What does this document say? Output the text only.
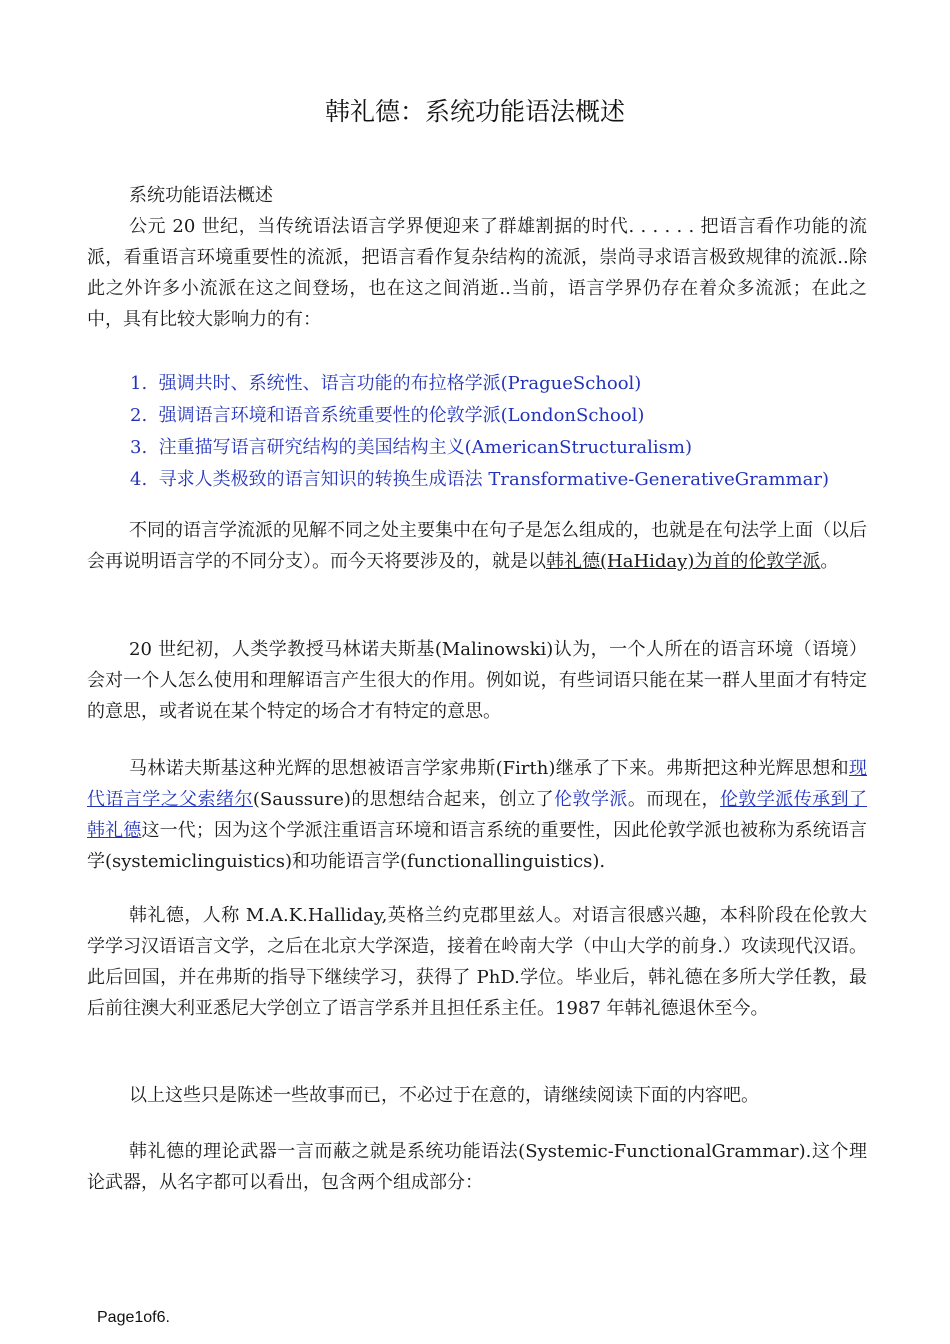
韩礼德：系统功能语法概述

系统功能语法概述

公元 20 世纪，当传统语法语言学界便迎来了群雄割据的时代. . . . . . 把语言看作功能的流派，看重语言环境重要性的流派，把语言看作复杂结构的流派，崇尚寻求语言极致规律的流派..除此之外许多小流派在这之间登场，也在这之间消逝..当前，语言学界仍存在着众多流派；在此之中，具有比较大影响力的有：

1. 强调共时、系统性、语言功能的布拉格学派(PragueSchool)
2. 强调语言环境和语音系统重要性的伦敦学派(LondonSchool)
3. 注重描写语言研究结构的美国结构主义(AmericanStructuralism)
4. 寻求人类极致的语言知识的转换生成语法 Transformative-GenerativeGrammar)

不同的语言学流派的见解不同之处主要集中在句子是怎么组成的，也就是在句法学上面（以后会再说明语言学的不同分支）。而今天将要涉及的，就是以韩礼德(HaHiday)为首的伦敦学派。

20 世纪初，人类学教授马林诺夫斯基(Malinowski)认为，一个人所在的语言环境（语境）会对一个人怎么使用和理解语言产生很大的作用。例如说，有些词语只能在某一群人里面才有特定的意思，或者说在某个特定的场合才有特定的意思。

马林诺夫斯基这种光辉的思想被语言学家弗斯(Firth)继承了下来。弗斯把这种光辉思想和现代语言学之父索绪尔(Saussure)的思想结合起来，创立了伦敦学派。而现在，伦敦学派传承到了韩礼德这一代；因为这个学派注重语言环境和语言系统的重要性，因此伦敦学派也被称为系统语言学(systemiclinguistics)和功能语言学(functionallinguistics).

韩礼德，人称 M.A.K.Halliday,英格兰约克郡里兹人。对语言很感兴趣，本科阶段在伦敦大学学习汉语语言文学，之后在北京大学深造，接着在岭南大学（中山大学的前身.）攻读现代汉语。此后回国，并在弗斯的指导下继续学习，获得了 PhD.学位。毕业后，韩礼德在多所大学任教，最后前往澳大利亚悉尼大学创立了语言学系并且担任系主任。1987 年韩礼德退休至今。

以上这些只是陈述一些故事而已，不必过于在意的，请继续阅读下面的内容吧。

韩礼德的理论武器一言而蔽之就是系统功能语法(Systemic-FunctionalGrammar).这个理论武器，从名字都可以看出，包含两个组成部分：

Page1of6.
